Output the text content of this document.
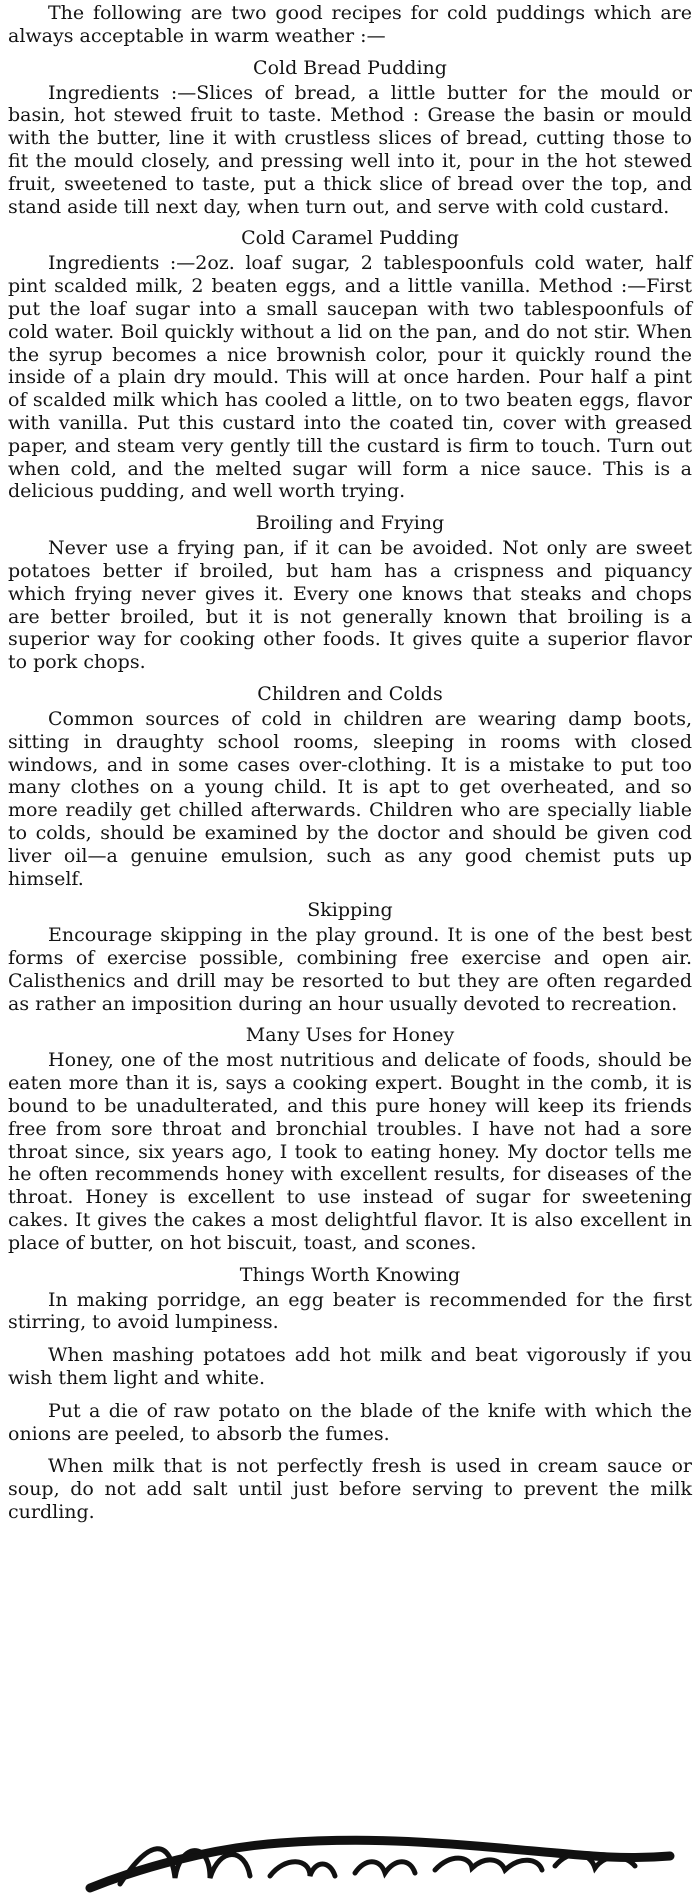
The following are two good recipes for cold puddings which are always acceptable in warm weather :—

Cold Bread Pudding

Ingredients :—Slices of bread, a little butter for the mould or basin, hot stewed fruit to taste. Method : Grease the basin or mould with the butter, line it with crustless slices of bread, cutting those to fit the mould closely, and pressing well into it, pour in the hot stewed fruit, sweetened to taste, put a thick slice of bread over the top, and stand aside till next day, when turn out, and serve with cold custard.

Cold Caramel Pudding

Ingredients :—2oz. loaf sugar, 2 tablespoonfuls cold water, half pint scalded milk, 2 beaten eggs, and a little vanilla. Method :—First put the loaf sugar into a small saucepan with two tablespoonfuls of cold water. Boil quickly without a lid on the pan, and do not stir. When the syrup becomes a nice brownish color, pour it quickly round the inside of a plain dry mould. This will at once harden. Pour half a pint of scalded milk which has cooled a little, on to two beaten eggs, flavor with vanilla. Put this custard into the coated tin, cover with greased paper, and steam very gently till the custard is firm to touch. Turn out when cold, and the melted sugar will form a nice sauce. This is a delicious pudding, and well worth trying.

Broiling and Frying

Never use a frying pan, if it can be avoided. Not only are sweet potatoes better if broiled, but ham has a crispness and piquancy which frying never gives it. Every one knows that steaks and chops are better broiled, but it is not generally known that broiling is a superior way for cooking other foods. It gives quite a superior flavor to pork chops.

Children and Colds

Common sources of cold in children are wearing damp boots, sitting in draughty school rooms, sleeping in rooms with closed windows, and in some cases over-clothing. It is a mistake to put too many clothes on a young child. It is apt to get overheated, and so more readily get chilled afterwards. Children who are specially liable to colds, should be examined by the doctor and should be given cod liver oil—a genuine emulsion, such as any good chemist puts up himself.

Skipping

Encourage skipping in the play ground. It is one of the best best forms of exercise possible, combining free exercise and open air. Calisthenics and drill may be resorted to but they are often regarded as rather an imposition during an hour usually devoted to recreation.

Many Uses for Honey

Honey, one of the most nutritious and delicate of foods, should be eaten more than it is, says a cooking expert. Bought in the comb, it is bound to be unadulterated, and this pure honey will keep its friends free from sore throat and bronchial troubles. I have not had a sore throat since, six years ago, I took to eating honey. My doctor tells me he often recommends honey with excellent results, for diseases of the throat. Honey is excellent to use instead of sugar for sweetening cakes. It gives the cakes a most delightful flavor. It is also excellent in place of butter, on hot biscuit, toast, and scones.

Things Worth Knowing

In making porridge, an egg beater is recommended for the first stirring, to avoid lumpiness.

When mashing potatoes add hot milk and beat vigorously if you wish them light and white.

Put a die of raw potato on the blade of the knife with which the onions are peeled, to absorb the fumes.

When milk that is not perfectly fresh is used in cream sauce or soup, do not add salt until just before serving to prevent the milk curdling.

Maureen
